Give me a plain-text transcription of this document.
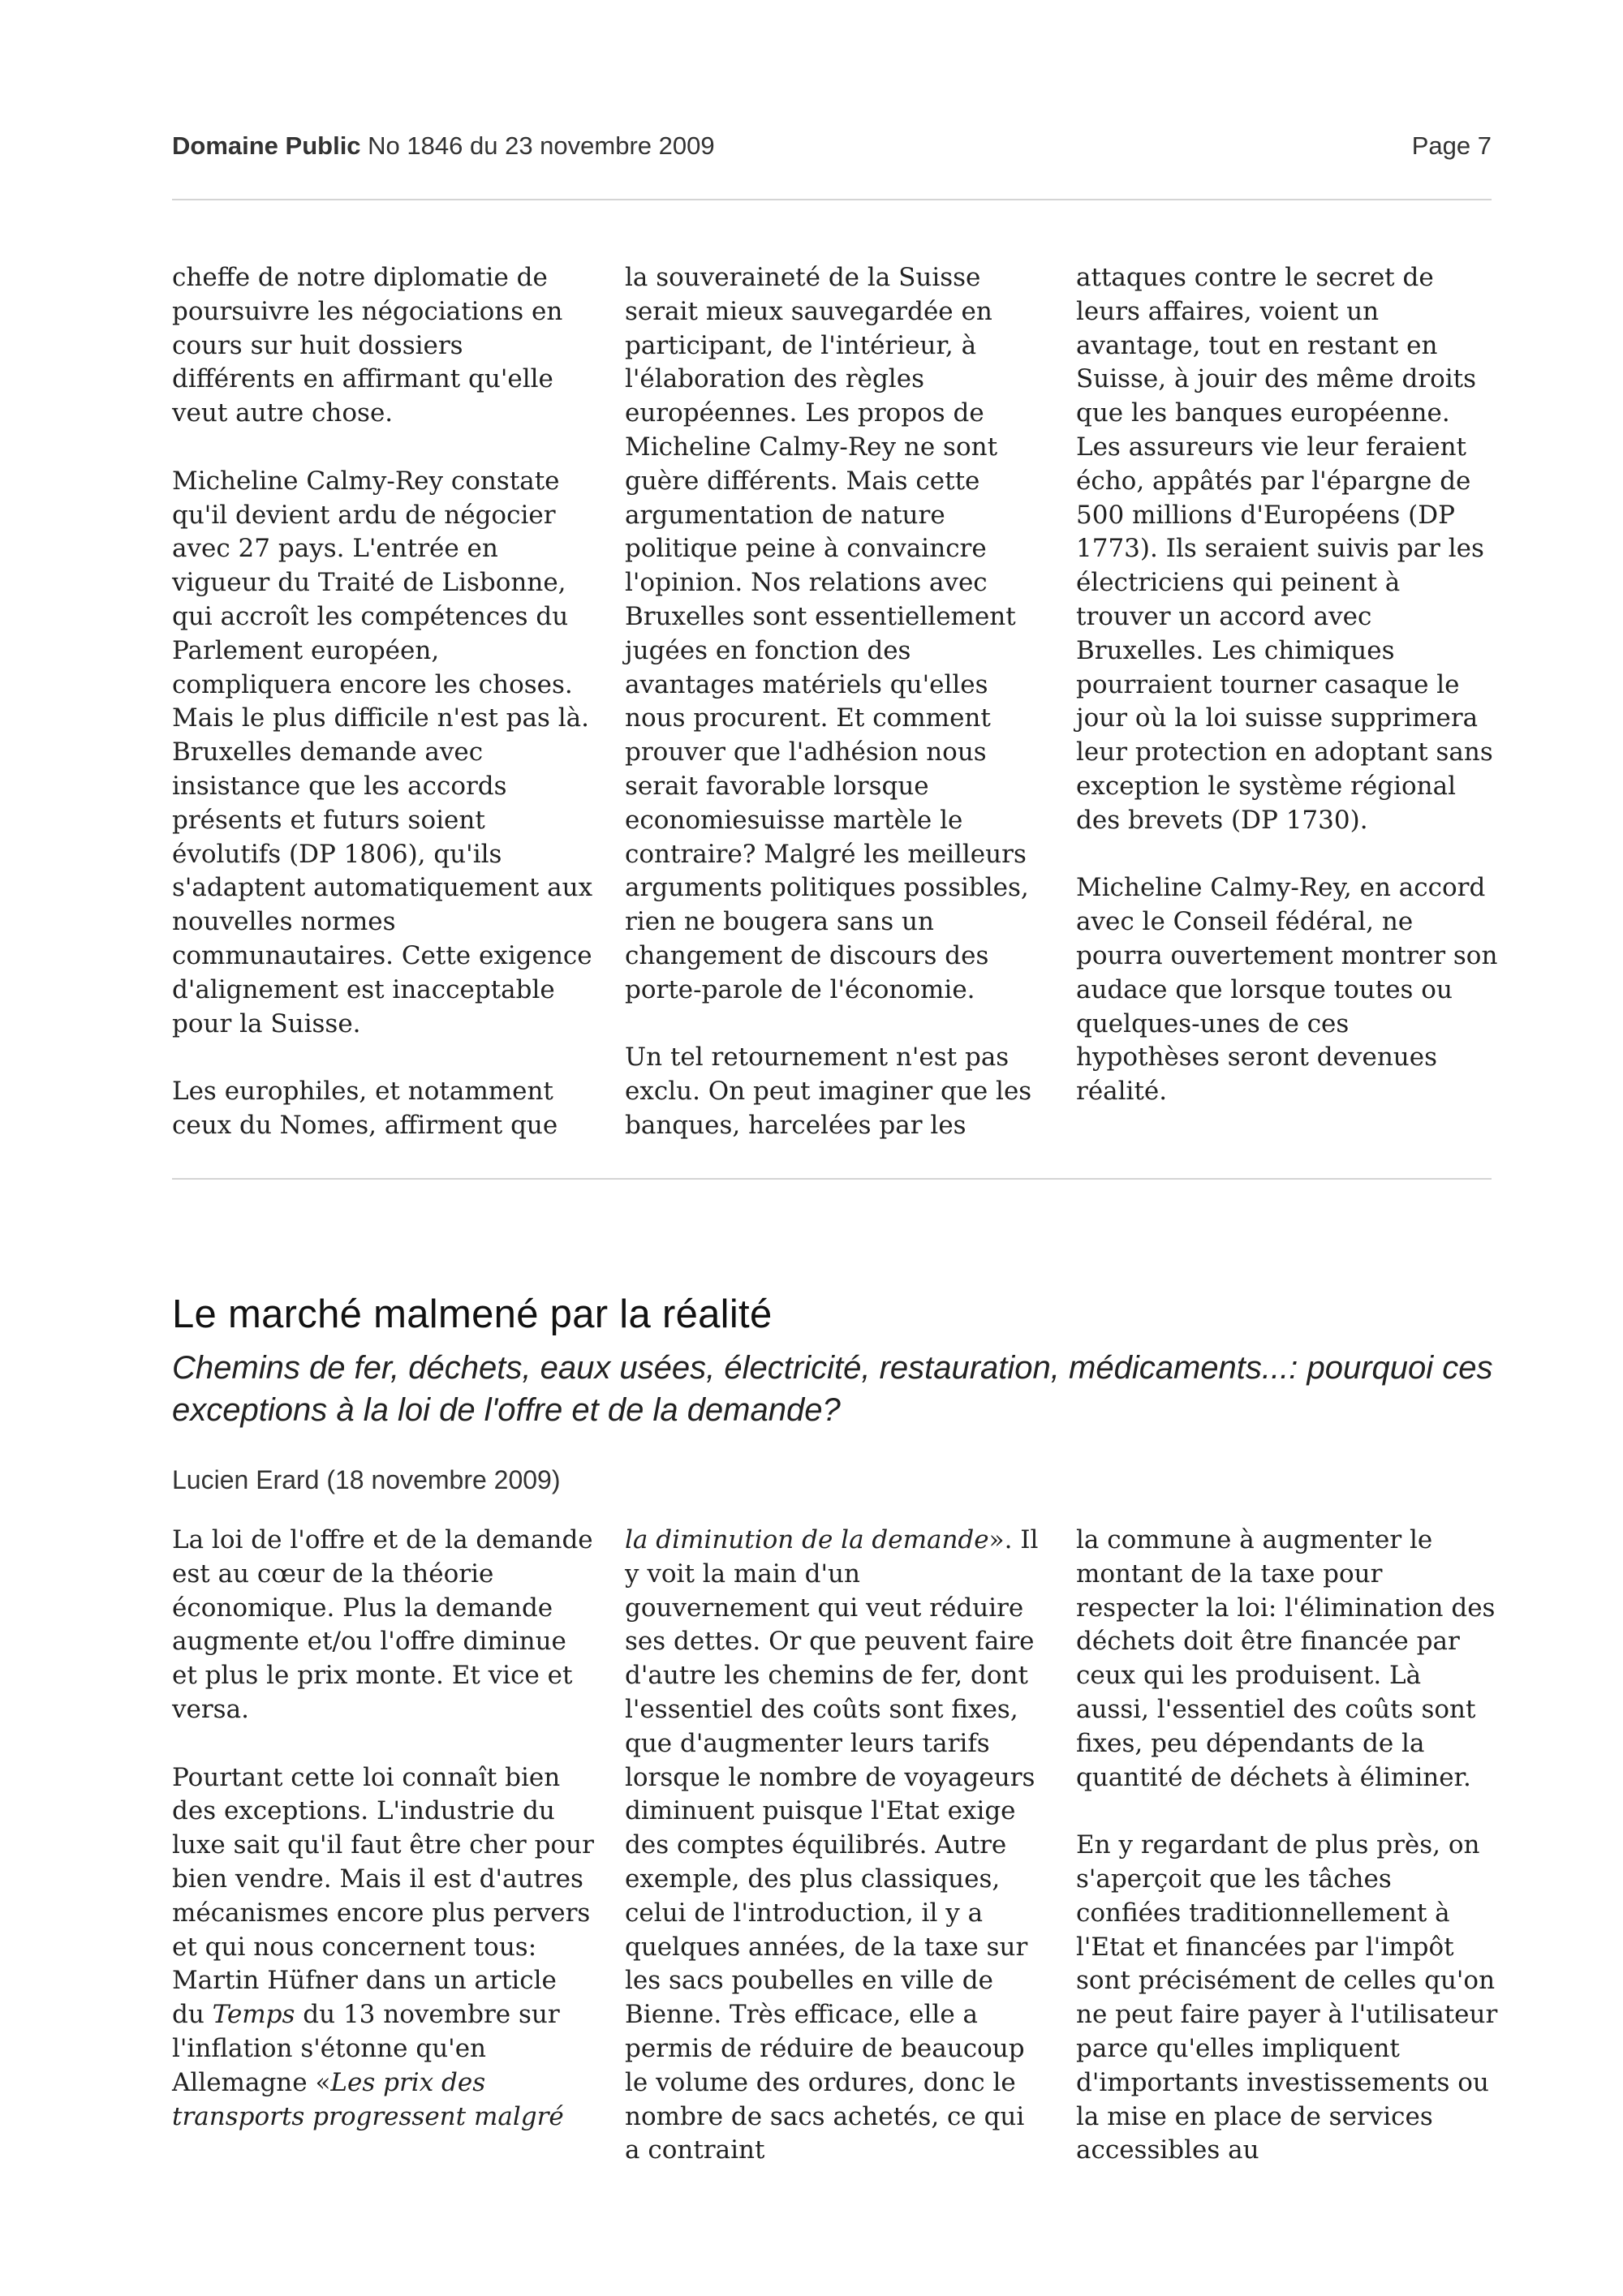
Domaine Public No 1846 du 23 novembre 2009	Page 7

cheffe de notre diplomatie de poursuivre les négociations en cours sur huit dossiers différents en affirmant qu'elle veut autre chose.

Micheline Calmy-Rey constate qu'il devient ardu de négocier avec 27 pays. L'entrée en vigueur du Traité de Lisbonne, qui accroît les compétences du Parlement européen, compliquera encore les choses. Mais le plus difficile n'est pas là. Bruxelles demande avec insistance que les accords présents et futurs soient évolutifs (DP 1806), qu'ils s'adaptent automatiquement aux nouvelles normes communautaires. Cette exigence d'alignement est inacceptable pour la Suisse.

Les europhiles, et notamment ceux du Nomes, affirment que

la souveraineté de la Suisse serait mieux sauvegardée en participant, de l'intérieur, à l'élaboration des règles européennes. Les propos de Micheline Calmy-Rey ne sont guère différents. Mais cette argumentation de nature politique peine à convaincre l'opinion. Nos relations avec Bruxelles sont essentiellement jugées en fonction des avantages matériels qu'elles nous procurent. Et comment prouver que l'adhésion nous serait favorable lorsque economiesuisse martèle le contraire? Malgré les meilleurs arguments politiques possibles, rien ne bougera sans un changement de discours des porte-parole de l'économie.

Un tel retournement n'est pas exclu. On peut imaginer que les banques, harcelées par les

attaques contre le secret de leurs affaires, voient un avantage, tout en restant en Suisse, à jouir des même droits que les banques européenne. Les assureurs vie leur feraient écho, appâtés par l'épargne de 500 millions d'Européens (DP 1773). Ils seraient suivis par les électriciens qui peinent à trouver un accord avec Bruxelles. Les chimiques pourraient tourner casaque le jour où la loi suisse supprimera leur protection en adoptant sans exception le système régional des brevets (DP 1730).

Micheline Calmy-Rey, en accord avec le Conseil fédéral, ne pourra ouvertement montrer son audace que lorsque toutes ou quelques-unes de ces hypothèses seront devenues réalité.

Le marché malmené par la réalité

Chemins de fer, déchets, eaux usées, électricité, restauration, médicaments...: pourquoi ces exceptions à la loi de l'offre et de la demande?

Lucien Erard (18 novembre 2009)

La loi de l'offre et de la demande est au cœur de la théorie économique. Plus la demande augmente et/ou l'offre diminue et plus le prix monte. Et vice et versa.

Pourtant cette loi connaît bien des exceptions. L'industrie du luxe sait qu'il faut être cher pour bien vendre. Mais il est d'autres mécanismes encore plus pervers et qui nous concernent tous: Martin Hüfner dans un article du Temps du 13 novembre sur l'inflation s'étonne qu'en Allemagne «Les prix des transports progressent malgré

la diminution de la demande». Il y voit la main d'un gouvernement qui veut réduire ses dettes. Or que peuvent faire d'autre les chemins de fer, dont l'essentiel des coûts sont fixes, que d'augmenter leurs tarifs lorsque le nombre de voyageurs diminuent puisque l'Etat exige des comptes équilibrés. Autre exemple, des plus classiques, celui de l'introduction, il y a quelques années, de la taxe sur les sacs poubelles en ville de Bienne. Très efficace, elle a permis de réduire de beaucoup le volume des ordures, donc le nombre de sacs achetés, ce qui a contraint

la commune à augmenter le montant de la taxe pour respecter la loi: l'élimination des déchets doit être financée par ceux qui les produisent. Là aussi, l'essentiel des coûts sont fixes, peu dépendants de la quantité de déchets à éliminer.

En y regardant de plus près, on s'aperçoit que les tâches confiées traditionnellement à l'Etat et financées par l'impôt sont précisément de celles qu'on ne peut faire payer à l'utilisateur parce qu'elles impliquent d'importants investissements ou la mise en place de services accessibles au
